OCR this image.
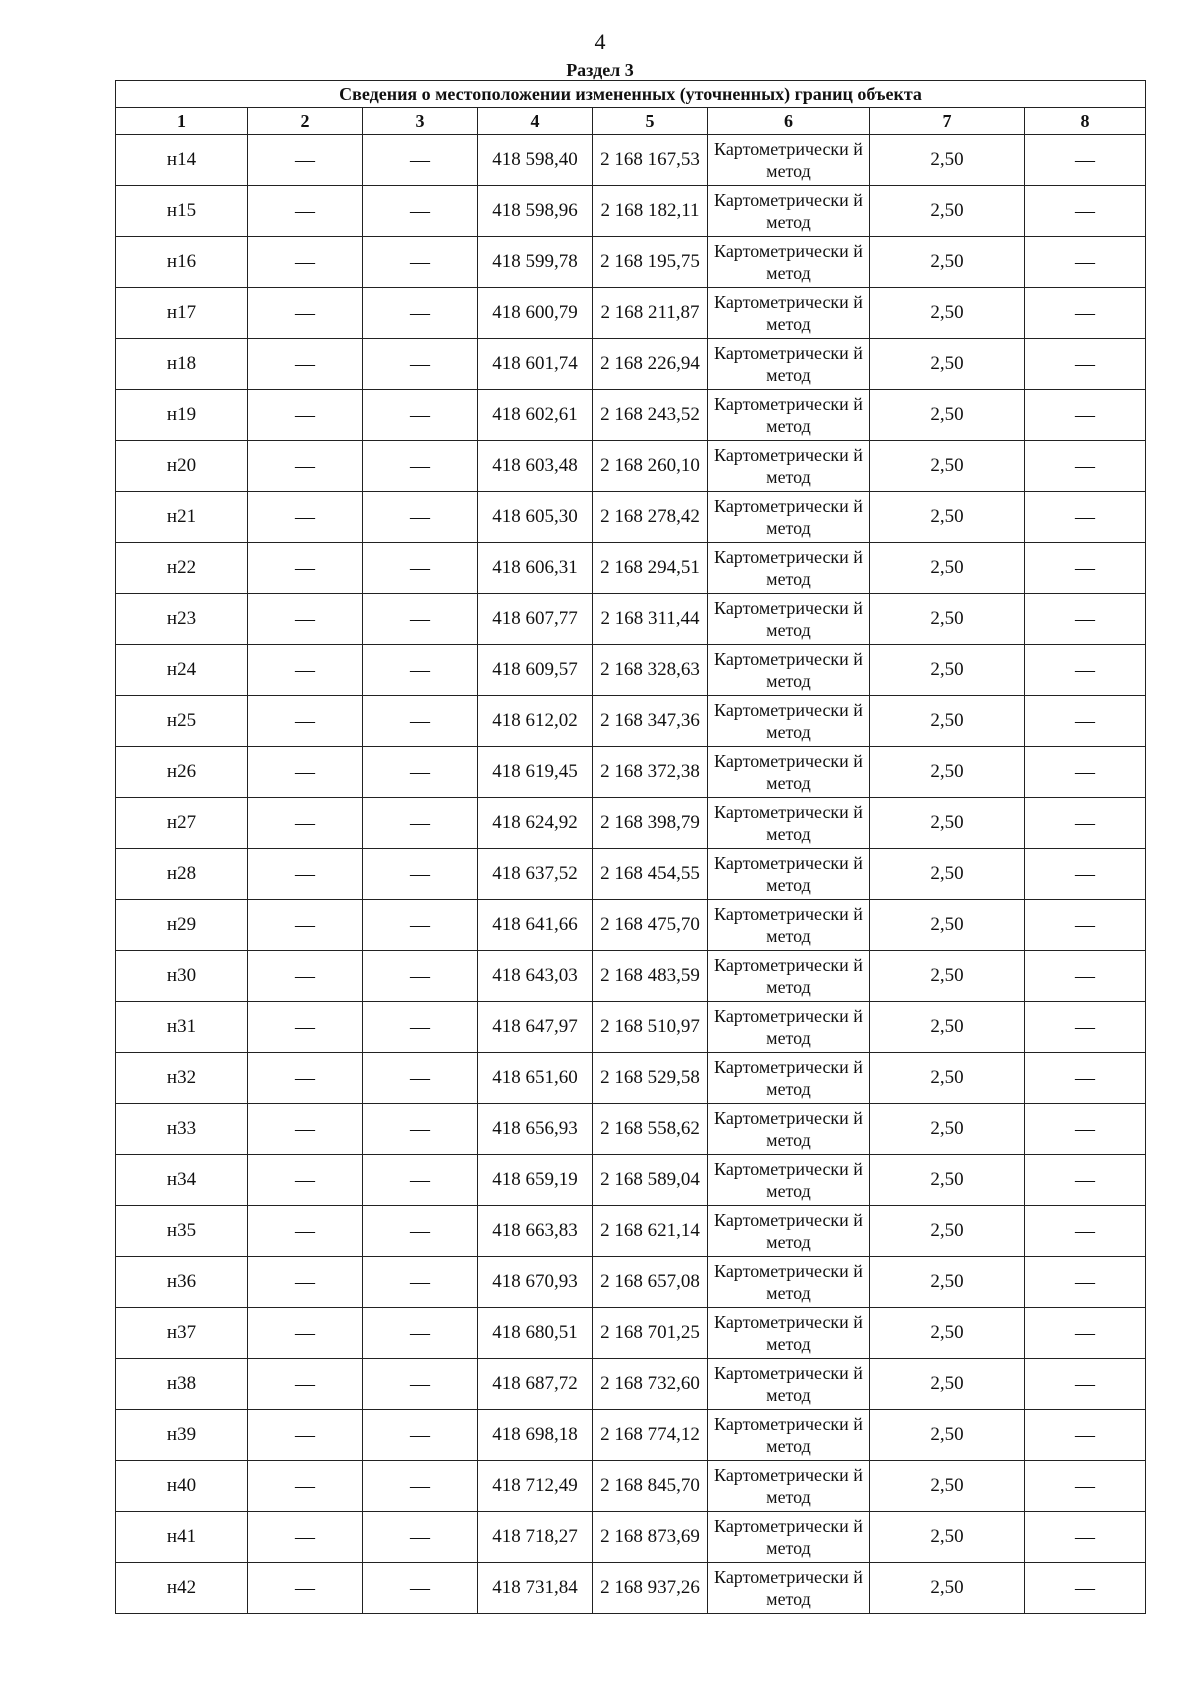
4
Раздел 3
Сведения о местоположении измененных (уточненных) границ объекта							
1	2	3	4	5	6	7	8
н14	—	—	418 598,40	2 168 167,53	Картометрически й метод	2,50	—
н15	—	—	418 598,96	2 168 182,11	Картометрически й метод	2,50	—
н16	—	—	418 599,78	2 168 195,75	Картометрически й метод	2,50	—
н17	—	—	418 600,79	2 168 211,87	Картометрически й метод	2,50	—
н18	—	—	418 601,74	2 168 226,94	Картометрически й метод	2,50	—
н19	—	—	418 602,61	2 168 243,52	Картометрически й метод	2,50	—
н20	—	—	418 603,48	2 168 260,10	Картометрически й метод	2,50	—
н21	—	—	418 605,30	2 168 278,42	Картометрически й метод	2,50	—
н22	—	—	418 606,31	2 168 294,51	Картометрически й метод	2,50	—
н23	—	—	418 607,77	2 168 311,44	Картометрически й метод	2,50	—
н24	—	—	418 609,57	2 168 328,63	Картометрически й метод	2,50	—
н25	—	—	418 612,02	2 168 347,36	Картометрически й метод	2,50	—
н26	—	—	418 619,45	2 168 372,38	Картометрически й метод	2,50	—
н27	—	—	418 624,92	2 168 398,79	Картометрически й метод	2,50	—
н28	—	—	418 637,52	2 168 454,55	Картометрически й метод	2,50	—
н29	—	—	418 641,66	2 168 475,70	Картометрически й метод	2,50	—
н30	—	—	418 643,03	2 168 483,59	Картометрически й метод	2,50	—
н31	—	—	418 647,97	2 168 510,97	Картометрически й метод	2,50	—
н32	—	—	418 651,60	2 168 529,58	Картометрически й метод	2,50	—
н33	—	—	418 656,93	2 168 558,62	Картометрически й метод	2,50	—
н34	—	—	418 659,19	2 168 589,04	Картометрически й метод	2,50	—
н35	—	—	418 663,83	2 168 621,14	Картометрически й метод	2,50	—
н36	—	—	418 670,93	2 168 657,08	Картометрически й метод	2,50	—
н37	—	—	418 680,51	2 168 701,25	Картометрически й метод	2,50	—
н38	—	—	418 687,72	2 168 732,60	Картометрически й метод	2,50	—
н39	—	—	418 698,18	2 168 774,12	Картометрически й метод	2,50	—
н40	—	—	418 712,49	2 168 845,70	Картометрически й метод	2,50	—
н41	—	—	418 718,27	2 168 873,69	Картометрически й метод	2,50	—
н42	—	—	418 731,84	2 168 937,26	Картометрически й метод	2,50	—
